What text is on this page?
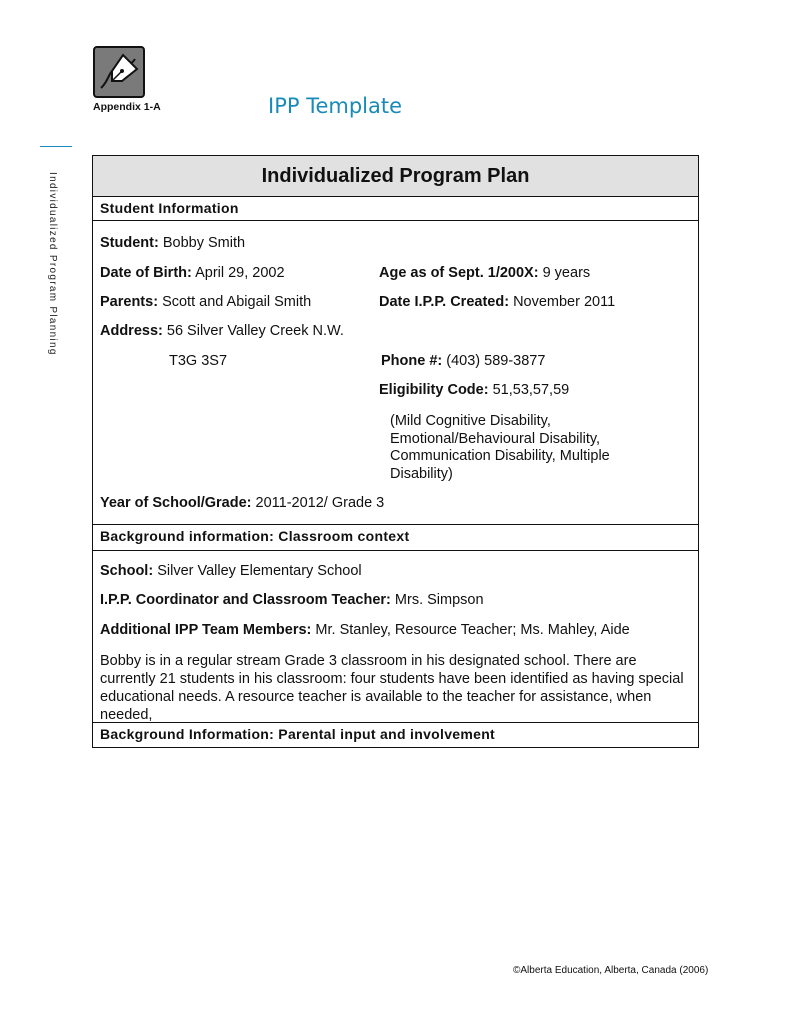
Appendix 1-A	IPP Template
Individualized Program Planning	Individualized Program Plan
Student Information
Student: Bobby Smith
Date of Birth: April 29, 2002	Age as of Sept. 1/200X: 9 years
Parents: Scott and Abigail Smith	Date I.P.P. Created: November 2011
Address: 56 Silver Valley Creek N.W.
T3G 3S7	Phone #: (403) 589-3877
Eligibility Code: 51,53,57,59
(Mild Cognitive Disability, Emotional/Behavioural Disability, Communication Disability, Multiple Disability)
Year of School/Grade: 2011-2012/ Grade 3
Background information: Classroom context
School: Silver Valley Elementary School
I.P.P. Coordinator and Classroom Teacher: Mrs. Simpson
Additional IPP Team Members: Mr. Stanley, Resource Teacher; Ms. Mahley, Aide
Bobby is in a regular stream Grade 3 classroom in his designated school. There are currently 21 students in his classroom: four students have been identified as having special educational needs. A resource teacher is available to the teacher for assistance, when needed,
Background Information: Parental input and involvement
©Alberta Education, Alberta, Canada (2006)
